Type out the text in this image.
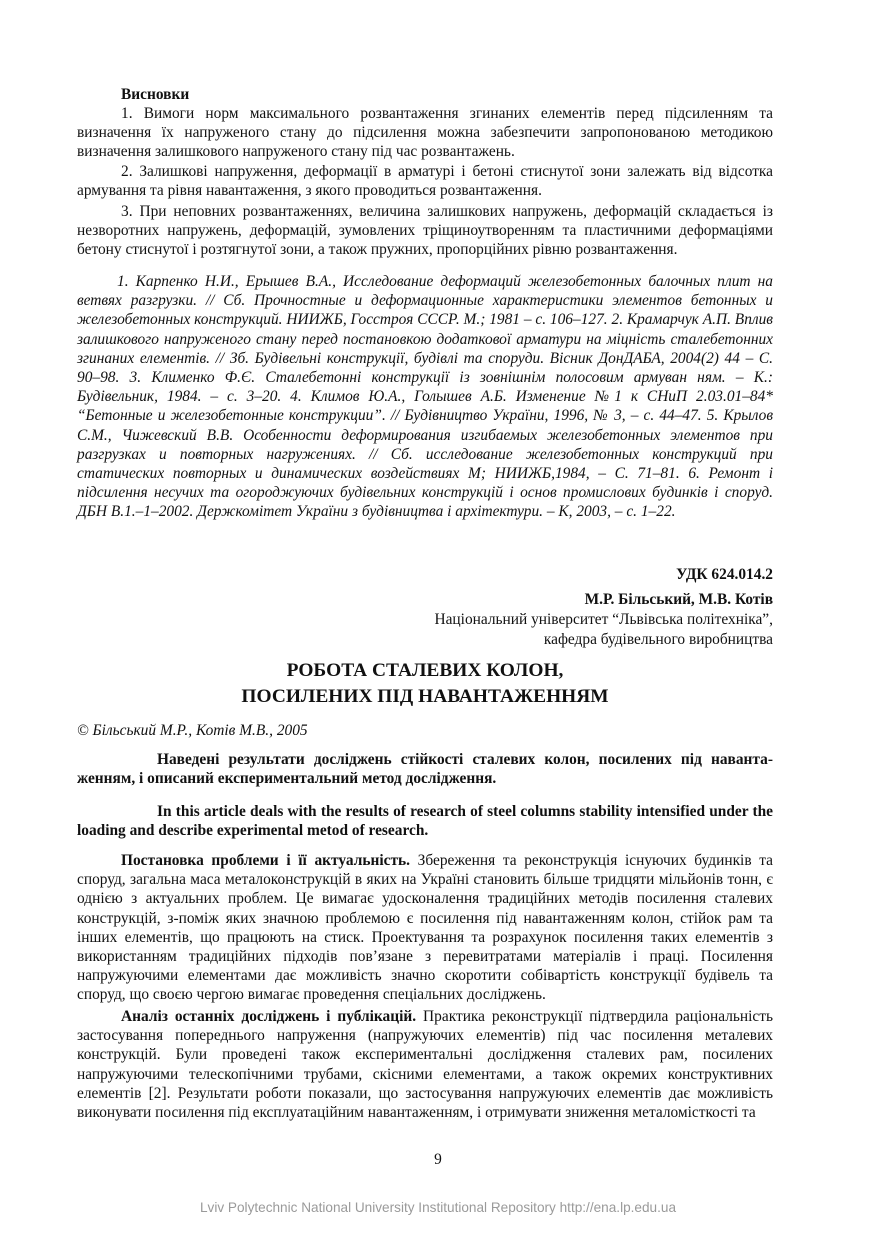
Висновки

1. Вимоги норм максимального розвантаження згинаних елементів перед підсиленням та визначення їх напруженого стану до підсилення можна забезпечити запропонованою методикою визначення залишкового напруженого стану під час розвантажень.

2. Залишкові напруження, деформації в арматурі і бетоні стиснутої зони залежать від відсотка армування та рівня навантаження, з якого проводиться розвантаження.

3. При неповних розвантаженнях, величина залишкових напружень, деформацій складається із незворотних напружень, деформацій, зумовлених тріщиноутворенням та пластичними деформаціями бетону стиснутої і розтягнутої зони, а також пружних, пропорційних рівню розвантаження.

1. Карпенко Н.И., Ерышев В.А., Исследование деформаций железобетонных балочных плит на ветвях разгрузки. // Сб. Прочностные и деформационные характеристики элементов бетонных и железобетонных конструкций. НИИЖБ, Госстроя СССР. М.; 1981 – с. 106–127. 2. Крамарчук А.П. Вплив залишкового напруженого стану перед постановкою додаткової арматури на міцність сталебетонних згинаних елементів. // Зб. Будівельні конструкції, будівлі та споруди. Вісник ДонДАБА, 2004(2) 44 – С. 90–98. 3. Клименко Ф.Є. Сталебетонні конструкції із зовнішнім полосовим армуван ням. – К.: Будівельник, 1984. – с. 3–20. 4. Климов Ю.А., Голышев А.Б. Изменение №1 к СНиП 2.03.01–84* “Бетонные и железобетонные конструкции”. // Будівництво України, 1996, № 3, – с. 44–47. 5. Крылов С.М., Чижевский В.В. Особенности деформирования изгибаемых железобетонных элементов при разгрузках и повторных нагружениях. // Сб. исследование железобетонных конструкций при статических повторных и динамических воздействиях М; НИИЖБ,1984, – С. 71–81. 6. Ремонт і підсилення несучих та огороджуючих будівельних конструкцій і основ промислових будинків і споруд. ДБН В.1.–1–2002. Держкомітет України з будівництва і архітектури. – К, 2003, – с. 1–22.

УДК 624.014.2
М.Р. Більський, М.В. Котів
Національний університет “Львівська політехніка”,
кафедра будівельного виробництва
РОБОТА СТАЛЕВИХ КОЛОН,
ПОСИЛЕНИХ ПІД НАВАНТАЖЕННЯМ
© Більський М.Р., Котів М.В., 2005

Наведені результати досліджень стійкості сталевих колон, посилених під навантаженням, і описаний експериментальний метод дослідження.

In this article deals with the results of research of steel columns stability intensified under the loading and describe experimental metod of research.

Постановка проблеми і її актуальність. Збереження та реконструкція існуючих будинків та споруд, загальна маса металоконструкцій в яких на Україні становить більше тридцяти мільйонів тонн, є однією з актуальних проблем. Це вимагає удосконалення традиційних методів посилення сталевих конструкцій, з-поміж яких значною проблемою є посилення під навантаженням колон, стійок рам та інших елементів, що працюють на стиск. Проектування та розрахунок посилення таких елементів з використанням традиційних підходів пов’язане з перевитратами матеріалів і праці. Посилення напружуючими елементами дає можливість значно скоротити собівартість конструкції будівель та споруд, що своєю чергою вимагає проведення спеціальних досліджень.

Аналіз останніх досліджень і публікацій. Практика реконструкції підтвердила раціональність застосування попереднього напруження (напружуючих елементів) під час посилення металевих конструкцій. Були проведені також експериментальні дослідження сталевих рам, посилених напружуючими телескопічними трубами, скісними елементами, а також окремих конструктивних елементів [2]. Результати роботи показали, що застосування напружуючих елементів дає можливість виконувати посилення під експлуатаційним навантаженням, і отримувати зниження металомісткості та

9
Lviv Polytechnic National University Institutional Repository http://ena.lp.edu.ua
